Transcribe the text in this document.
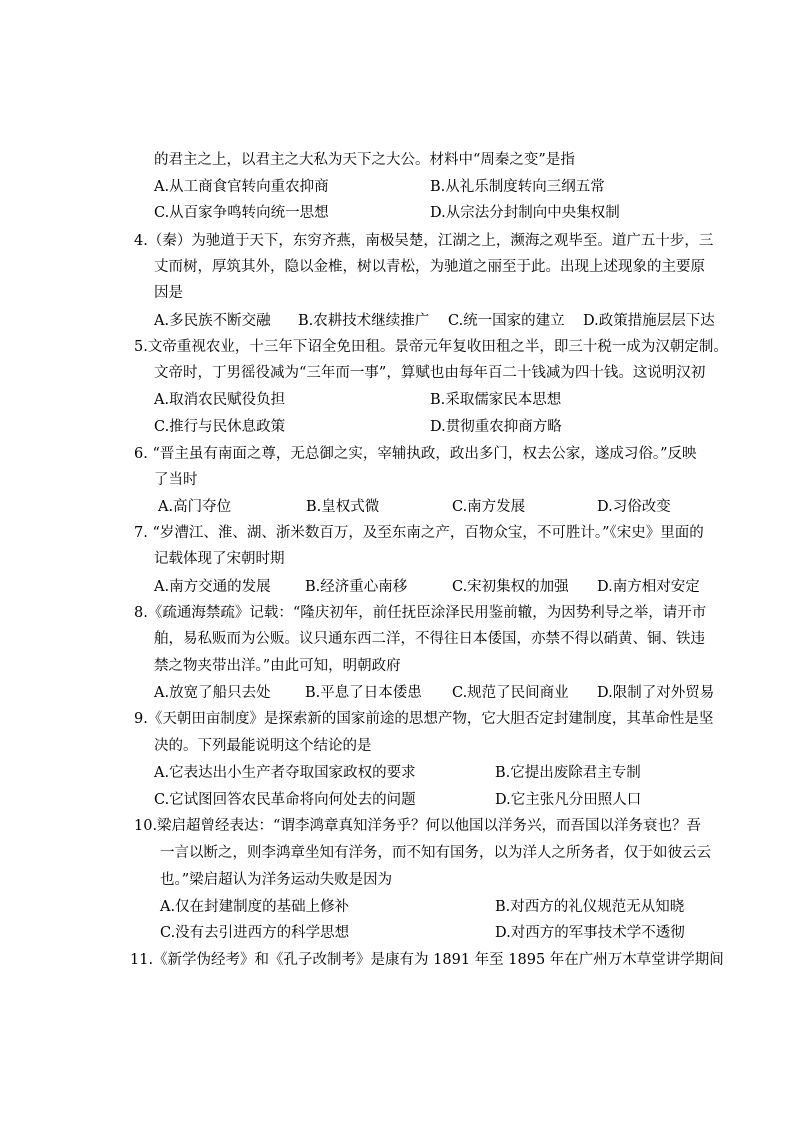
的君主之上，以君主之大私为天下之大公。材料中“周秦之变”是指
A.从工商食官转向重农抑商	B.从礼乐制度转向三纲五常
C.从百家争鸣转向统一思想	D.从宗法分封制向中央集权制
4.（秦）为驰道于天下，东穷齐燕，南极吴楚，江湖之上，濒海之观毕至。道广五十步，三
丈而树，厚筑其外，隐以金椎，树以青松，为驰道之丽至于此。出现上述现象的主要原
因是
A.多民族不断交融 B.农耕技术继续推广 C.统一国家的建立 D.政策措施层层下达
5.文帝重视农业，十三年下诏全免田租。景帝元年复收田租之半，即三十税一成为汉朝定制。
文帝时，丁男徭役减为“三年而一事”，算赋也由每年百二十钱减为四十钱。这说明汉初
A.取消农民赋役负担	B.采取儒家民本思想
C.推行与民休息政策	D.贯彻重农抑商方略
6. “晋主虽有南面之尊，无总御之实，宰辅执政，政出多门，权去公家，遂成习俗。”反映
了当时
A.高门夺位	B.皇权式微	C.南方发展	D.习俗改变
7. “岁漕江、淮、湖、浙米数百万，及至东南之产，百物众宝，不可胜计。”《宋史》里面的
记载体现了宋朝时期
A.南方交通的发展 B.经济重心南移	C.宋初集权的加强 D.南方相对安定
8.《疏通海禁疏》记载：“隆庆初年，前任抚臣涂泽民用鉴前辙，为因势利导之举，请开市
舶，易私贩而为公贩。议只通东西二洋，不得往日本倭国，亦禁不得以硝黄、铜、铁违
禁之物夹带出洋。”由此可知，明朝政府
A.放宽了船只去处 B.平息了日本倭患 C.规范了民间商业 D.限制了对外贸易
9.《天朝田亩制度》是探索新的国家前途的思想产物，它大胆否定封建制度，其革命性是坚
决的。下列最能说明这个结论的是
A.它表达出小生产者夺取国家政权的要求	B.它提出废除君主专制
C.它试图回答农民革命将向何处去的问题	D.它主张凡分田照人口
10.梁启超曾经表达：“谓李鸿章真知洋务乎？何以他国以洋务兴，而吾国以洋务衰也？吾
一言以断之，则李鸿章坐知有洋务，而不知有国务，以为洋人之所务者，仅于如彼云云
也。”梁启超认为洋务运动失败是因为
A.仅在封建制度的基础上修补	B.对西方的礼仪规范无从知晓
C.没有去引进西方的科学思想	D.对西方的军事技术学不透彻
11.《新学伪经考》和《孔子改制考》是康有为 1891 年至 1895 年在广州万木草堂讲学期间
